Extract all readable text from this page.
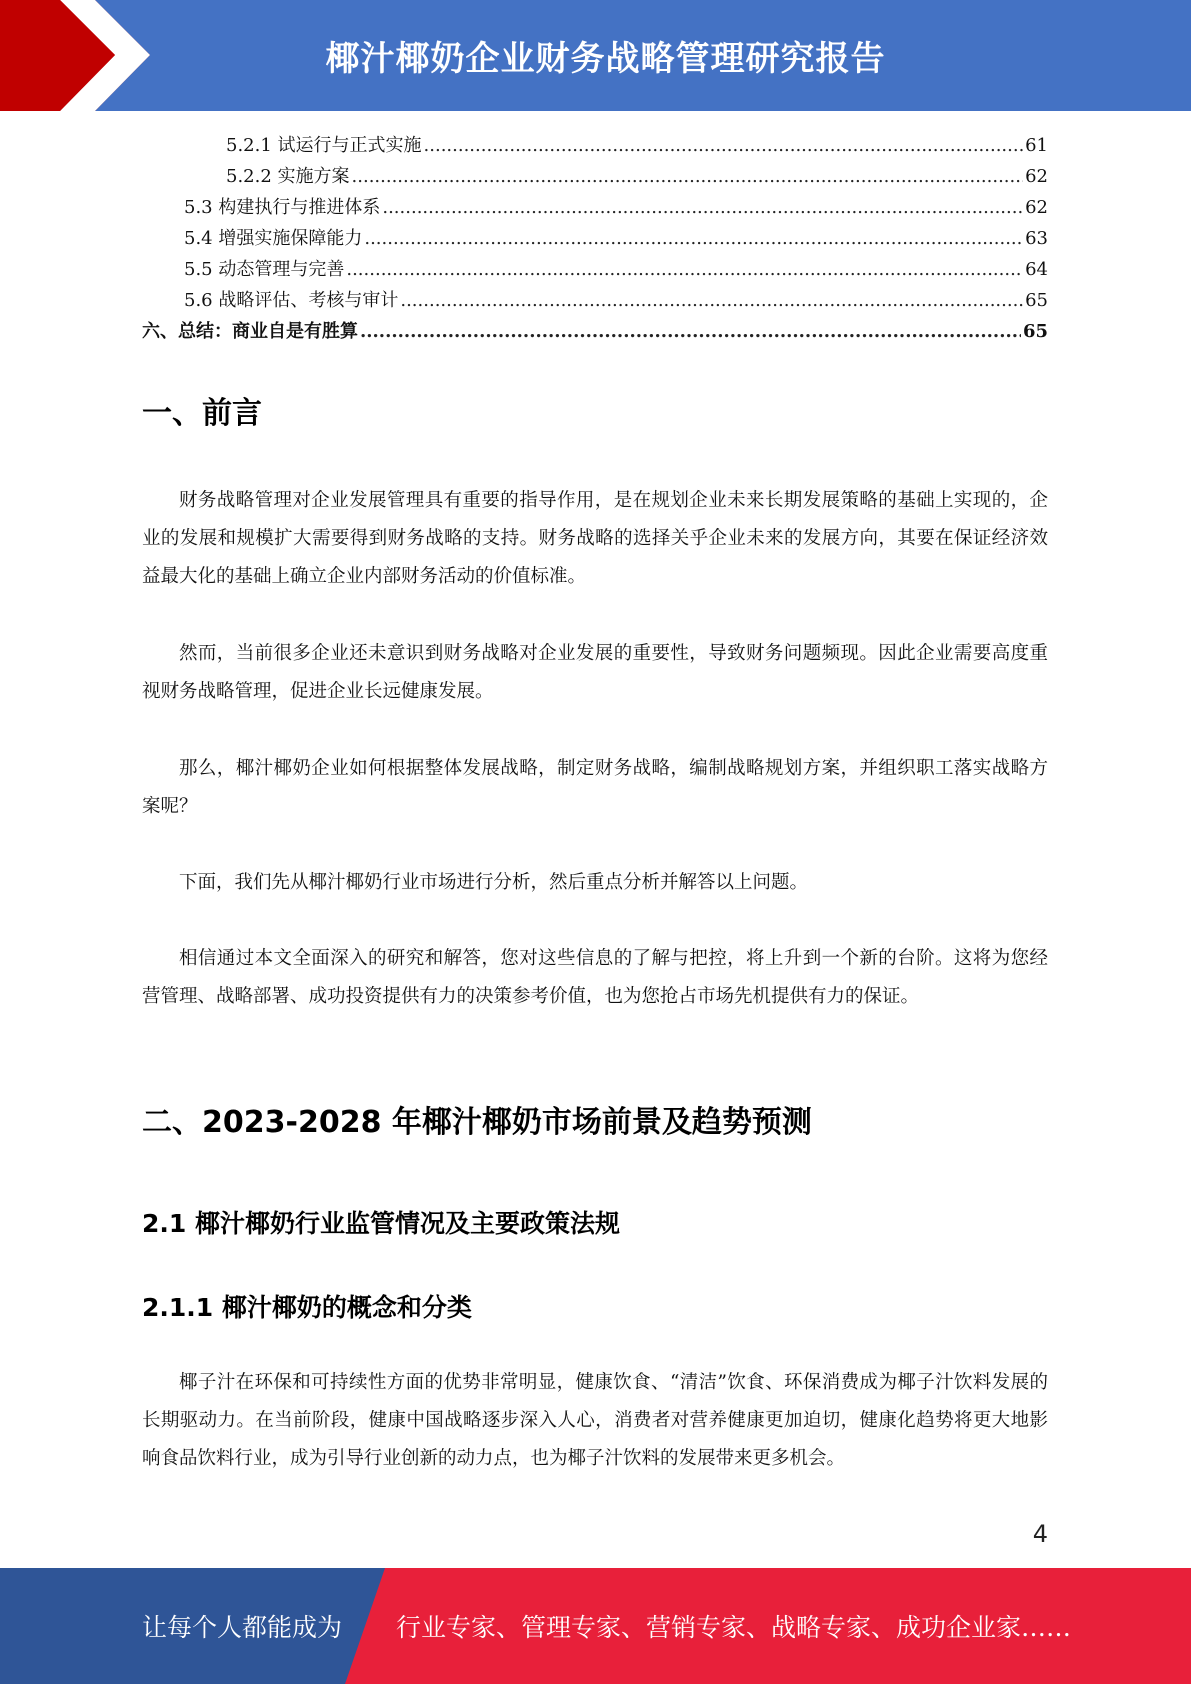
椰汁椰奶企业财务战略管理研究报告
5.2.1 试运行与正式实施 .....	61
5.2.2 实施方案 .....	62
5.3 构建执行与推进体系 .....	62
5.4 增强实施保障能力 .....	63
5.5 动态管理与完善 .....	64
5.6 战略评估、考核与审计 .....	65
六、总结：商业自是有胜算 .....	65
一、前言
财务战略管理对企业发展管理具有重要的指导作用，是在规划企业未来长期发展策略的基础上实现的，企业的发展和规模扩大需要得到财务战略的支持。财务战略的选择关乎企业未来的发展方向，其要在保证经济效益最大化的基础上确立企业内部财务活动的价值标准。
然而，当前很多企业还未意识到财务战略对企业发展的重要性，导致财务问题频现。因此企业需要高度重视财务战略管理，促进企业长远健康发展。
那么，椰汁椰奶企业如何根据整体发展战略，制定财务战略，编制战略规划方案，并组织职工落实战略方案呢？
下面，我们先从椰汁椰奶行业市场进行分析，然后重点分析并解答以上问题。
相信通过本文全面深入的研究和解答，您对这些信息的了解与把控，将上升到一个新的台阶。这将为您经营管理、战略部署、成功投资提供有力的决策参考价值，也为您抢占市场先机提供有力的保证。
二、2023-2028 年椰汁椰奶市场前景及趋势预测
2.1 椰汁椰奶行业监管情况及主要政策法规
2.1.1 椰汁椰奶的概念和分类
椰子汁在环保和可持续性方面的优势非常明显，健康饮食、“清洁”饮食、环保消费成为椰子汁饮料发展的长期驱动力。在当前阶段，健康中国战略逐步深入人心，消费者对营养健康更加迫切，健康化趋势将更大地影响食品饮料行业，成为引导行业创新的动力点，也为椰子汁饮料的发展带来更多机会。
4
让每个人都能成为 行业专家、管理专家、营销专家、战略专家、成功企业家……
